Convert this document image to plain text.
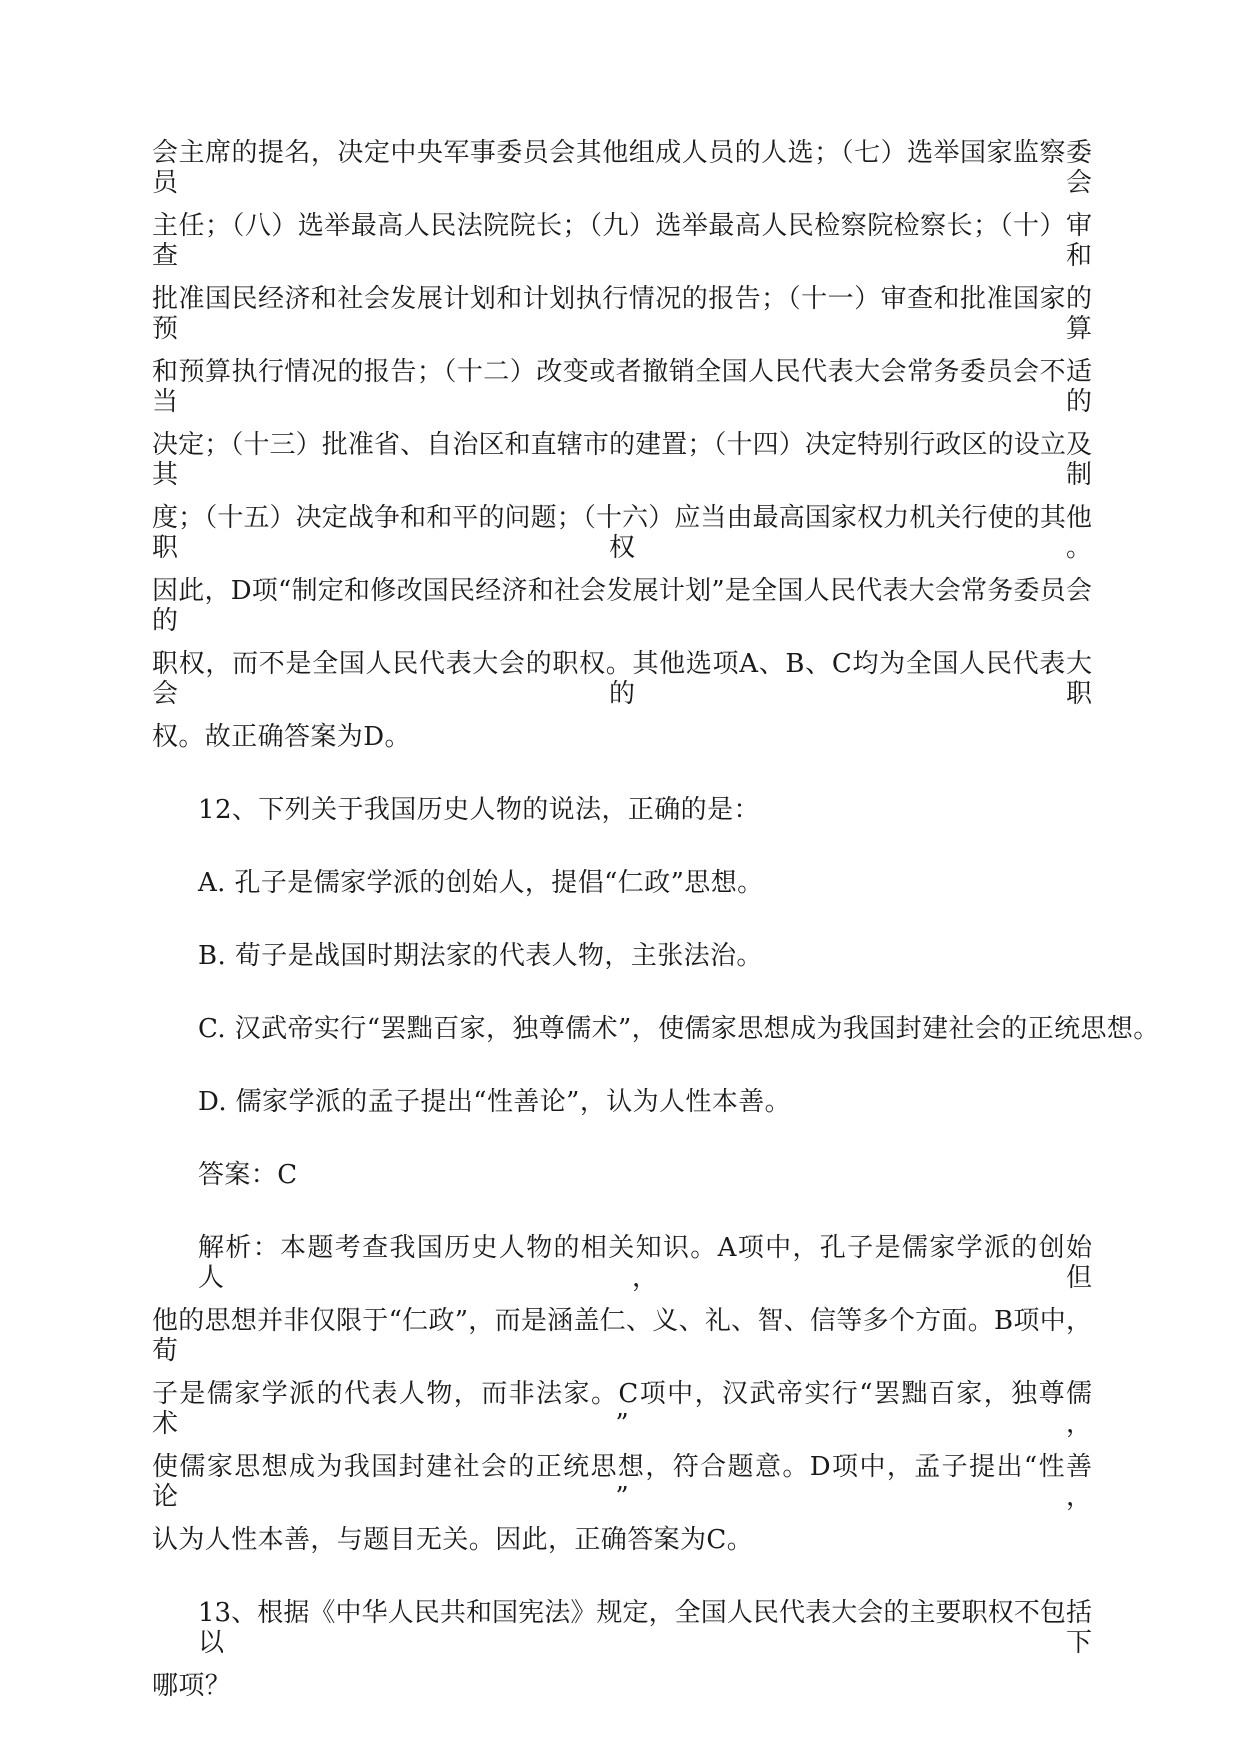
会主席的提名，决定中央军事委员会其他组成人员的人选；（七）选举国家监察委员会
主任；（八）选举最高人民法院院长；（九）选举最高人民检察院检察长；（十）审查和
批准国民经济和社会发展计划和计划执行情况的报告；（十一）审查和批准国家的预算
和预算执行情况的报告；（十二）改变或者撤销全国人民代表大会常务委员会不适当的
决定；（十三）批准省、自治区和直辖市的建置；（十四）决定特别行政区的设立及其制
度；（十五）决定战争和和平的问题；（十六）应当由最高国家权力机关行使的其他职权。
因此，D项“制定和修改国民经济和社会发展计划”是全国人民代表大会常务委员会的
职权，而不是全国人民代表大会的职权。其他选项A、B、C均为全国人民代表大会的职
权。故正确答案为D。
12、下列关于我国历史人物的说法，正确的是：
A. 孔子是儒家学派的创始人，提倡“仁政”思想。
B. 荀子是战国时期法家的代表人物，主张法治。
C. 汉武帝实行“罢黜百家，独尊儒术”，使儒家思想成为我国封建社会的正统思想。
D. 儒家学派的孟子提出“性善论”，认为人性本善。
答案：C
解析：本题考查我国历史人物的相关知识。A项中，孔子是儒家学派的创始人，但
他的思想并非仅限于“仁政”，而是涵盖仁、义、礼、智、信等多个方面。B项中，荀
子是儒家学派的代表人物，而非法家。C项中，汉武帝实行“罢黜百家，独尊儒术”，
使儒家思想成为我国封建社会的正统思想，符合题意。D项中，孟子提出“性善论”，
认为人性本善，与题目无关。因此，正确答案为C。
13、根据《中华人民共和国宪法》规定，全国人民代表大会的主要职权不包括以下
哪项？
